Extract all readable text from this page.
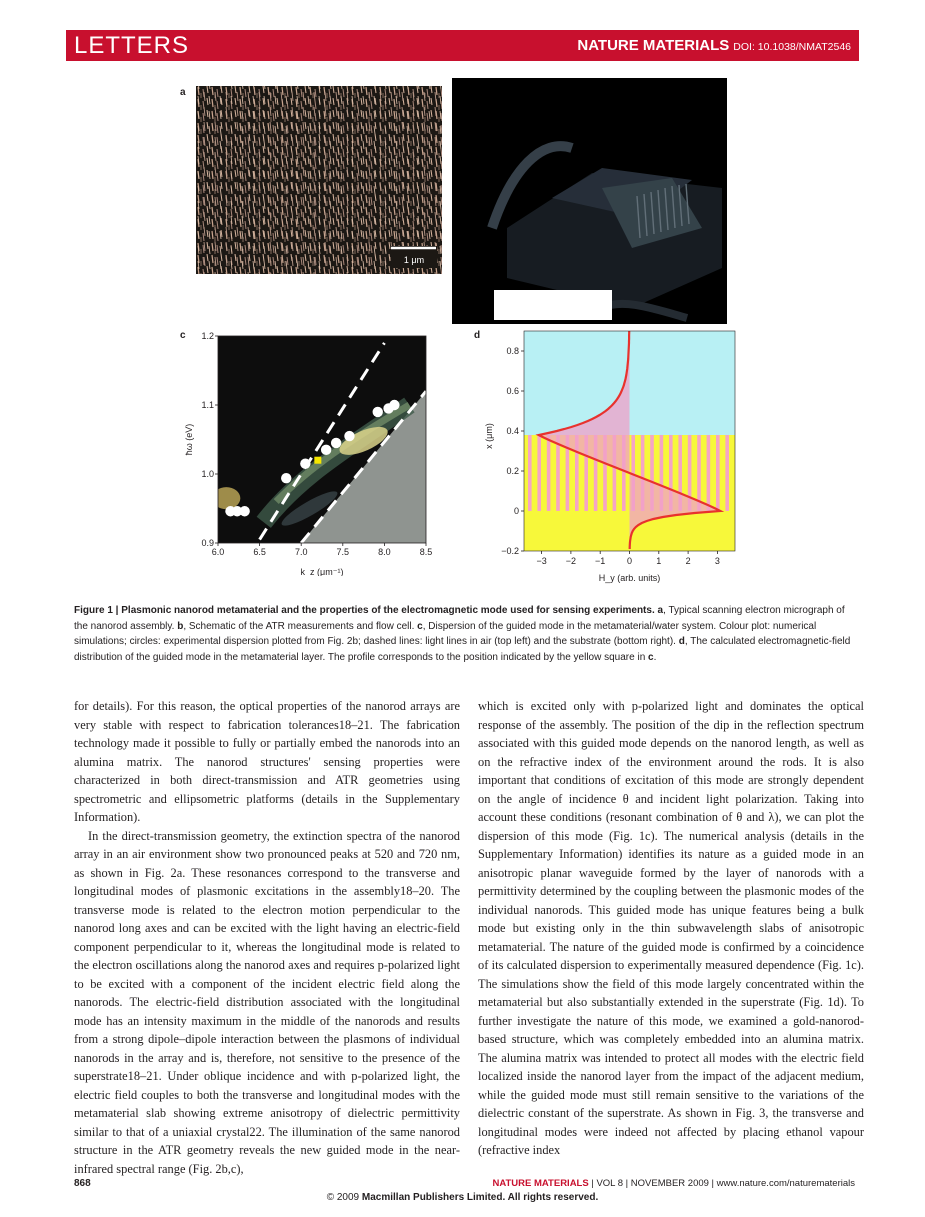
LETTERS	NATURE MATERIALS DOI: 10.1038/NMAT2546
a
1 μm
c
6.0	6.5	7.0	7.5	8.0	8.5
0.9
1.0
1.1
1.2
k_z (μm⁻¹)
ħω (eV)
d
−3 −2 −1 0	1	2	3
−0.2
0
0.2
0.4
0.6
0.8
H_y (arb. units)
x (μm)
Figure 1 | Plasmonic nanorod metamaterial and the properties of the electromagnetic mode used for sensing experiments. a, Typical scanning electron micrograph of the nanorod assembly. b, Schematic of the ATR measurements and flow cell. c, Dispersion of the guided mode in the metamaterial/water system. Colour plot: numerical simulations; circles: experimental dispersion plotted from Fig. 2b; dashed lines: light lines in air (top left) and the substrate (bottom right). d, The calculated electromagnetic-field distribution of the guided mode in the metamaterial layer. The profile corresponds to the position indicated by the yellow square in c.

for details). For this reason, the optical properties of the nanorod arrays are very stable with respect to fabrication tolerances18–21. The fabrication technology made it possible to fully or partially embed the nanorods into an alumina matrix. The nanorod structures' sensing properties were characterized in both direct-transmission and ATR geometries using spectrometric and ellipsometric platforms (details in the Supplementary Information).

In the direct-transmission geometry, the extinction spectra of the nanorod array in an air environment show two pronounced peaks at 520 and 720 nm, as shown in Fig. 2a. These resonances correspond to the transverse and longitudinal modes of plasmonic excitations in the assembly18–20. The transverse mode is related to the electron motion perpendicular to the nanorod long axes and can be excited with the light having an electric-field component perpendicular to it, whereas the longitudinal mode is related to the electron oscillations along the nanorod axes and requires p-polarized light to be excited with a component of the incident electric field along the nanorods. The electric-field distribution associated with the longitudinal mode has an intensity maximum in the middle of the nanorods and results from a strong dipole–dipole interaction between the plasmons of individual nanorods in the array and is, therefore, not sensitive to the presence of the superstrate18–21. Under oblique incidence and with p-polarized light, the electric field couples to both the transverse and longitudinal modes with the metamaterial slab showing extreme anisotropy of dielectric permittivity similar to that of a uniaxial crystal22. The illumination of the same nanorod structure in the ATR geometry reveals the new guided mode in the near-infrared spectral range (Fig. 2b,c),

which is excited only with p-polarized light and dominates the optical response of the assembly. The position of the dip in the reflection spectrum associated with this guided mode depends on the nanorod length, as well as on the refractive index of the environment around the rods. It is also important that conditions of excitation of this mode are strongly dependent on the angle of incidence θ and incident light polarization. Taking into account these conditions (resonant combination of θ and λ), we can plot the dispersion of this mode (Fig. 1c). The numerical analysis (details in the Supplementary Information) identifies its nature as a guided mode in an anisotropic planar waveguide formed by the layer of nanorods with a permittivity determined by the coupling between the plasmonic modes of the individual nanorods. This guided mode has unique features being a bulk mode but existing only in the thin subwavelength slabs of anisotropic metamaterial. The nature of the guided mode is confirmed by a coincidence of its calculated dispersion to experimentally measured dependence (Fig. 1c). The simulations show the field of this mode largely concentrated within the metamaterial but also substantially extended in the superstrate (Fig. 1d). To further investigate the nature of this mode, we examined a gold-nanorod-based structure, which was completely embedded into an alumina matrix. The alumina matrix was intended to protect all modes with the electric field localized inside the nanorod layer from the impact of the adjacent medium, while the guided mode must still remain sensitive to the variations of the dielectric constant of the superstrate. As shown in Fig. 3, the transverse and longitudinal modes were indeed not affected by placing ethanol vapour (refractive index

868	NATURE MATERIALS | VOL 8 | NOVEMBER 2009 | www.nature.com/naturematerials
© 2009 Macmillan Publishers Limited. All rights reserved.
